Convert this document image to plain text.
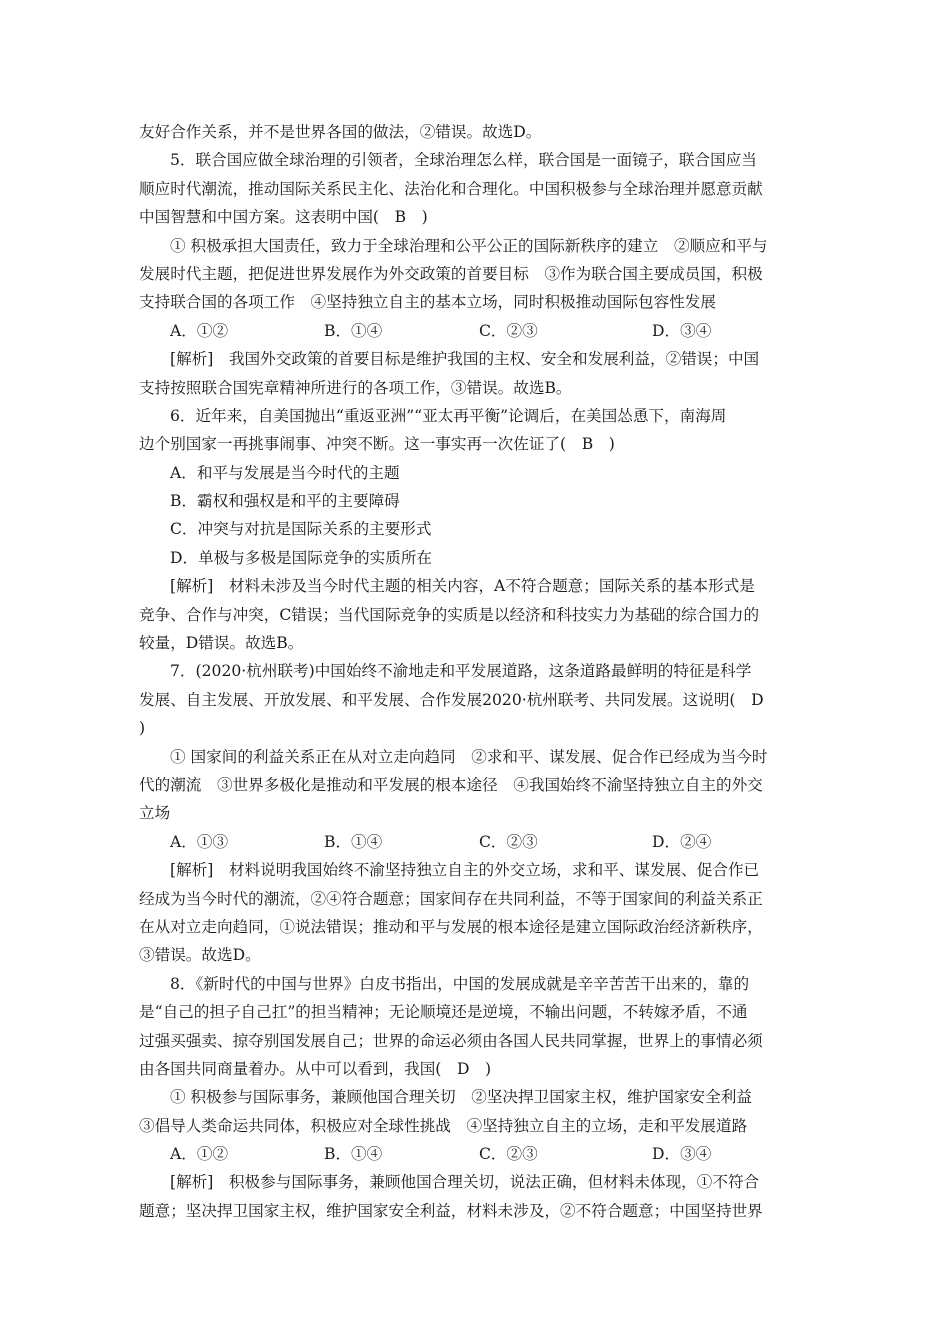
友好合作关系，并不是世界各国的做法，②错误。故选D。
5．联合国应做全球治理的引领者，全球治理怎么样，联合国是一面镜子，联合国应当
顺应时代潮流，推动国际关系民主化、法治化和合理化。中国积极参与全球治理并愿意贡献
中国智慧和中国方案。这表明中国(　B　)
① 积极承担大国责任，致力于全球治理和公平公正的国际新秩序的建立　②顺应和平与
发展时代主题，把促进世界发展作为外交政策的首要目标　③作为联合国主要成员国，积极
支持联合国的各项工作　④坚持独立自主的基本立场，同时积极推动国际包容性发展
A．①②	B．①④	C．②③	D．③④
[解析]　我国外交政策的首要目标是维护我国的主权、安全和发展利益，②错误；中国
支持按照联合国宪章精神所进行的各项工作，③错误。故选B。
6．近年来，自美国抛出“重返亚洲”“亚太再平衡”论调后，在美国怂恿下，南海周
边个别国家一再挑事闹事、冲突不断。这一事实再一次佐证了(　B　)
A．和平与发展是当今时代的主题
B．霸权和强权是和平的主要障碍
C．冲突与对抗是国际关系的主要形式
D．单极与多极是国际竞争的实质所在
[解析]　材料未涉及当今时代主题的相关内容，A不符合题意；国际关系的基本形式是
竞争、合作与冲突，C错误；当代国际竞争的实质是以经济和科技实力为基础的综合国力的
较量，D错误。故选B。
7．(2020·杭州联考)中国始终不渝地走和平发展道路，这条道路最鲜明的特征是科学
发展、自主发展、开放发展、和平发展、合作发展2020·杭州联考、共同发展。这说明(　D
)
① 国家间的利益关系正在从对立走向趋同　②求和平、谋发展、促合作已经成为当今时
代的潮流　③世界多极化是推动和平发展的根本途径　④我国始终不渝坚持独立自主的外交
立场
A．①③	B．①④	C．②③	D．②④
[解析]　材料说明我国始终不渝坚持独立自主的外交立场，求和平、谋发展、促合作已
经成为当今时代的潮流，②④符合题意；国家间存在共同利益，不等于国家间的利益关系正
在从对立走向趋同，①说法错误；推动和平与发展的根本途径是建立国际政治经济新秩序，
③错误。故选D。
8．《新时代的中国与世界》白皮书指出，中国的发展成就是辛辛苦苦干出来的，靠的
是“自己的担子自己扛”的担当精神；无论顺境还是逆境，不输出问题，不转嫁矛盾，不通
过强买强卖、掠夺别国发展自己；世界的命运必须由各国人民共同掌握，世界上的事情必须
由各国共同商量着办。从中可以看到，我国(　D　)
① 积极参与国际事务，兼顾他国合理关切　②坚决捍卫国家主权，维护国家安全利益
③倡导人类命运共同体，积极应对全球性挑战　④坚持独立自主的立场，走和平发展道路
A．①②	B．①④	C．②③	D．③④
[解析]　积极参与国际事务，兼顾他国合理关切，说法正确，但材料未体现，①不符合
题意；坚决捍卫国家主权，维护国家安全利益，材料未涉及，②不符合题意；中国坚持世界
